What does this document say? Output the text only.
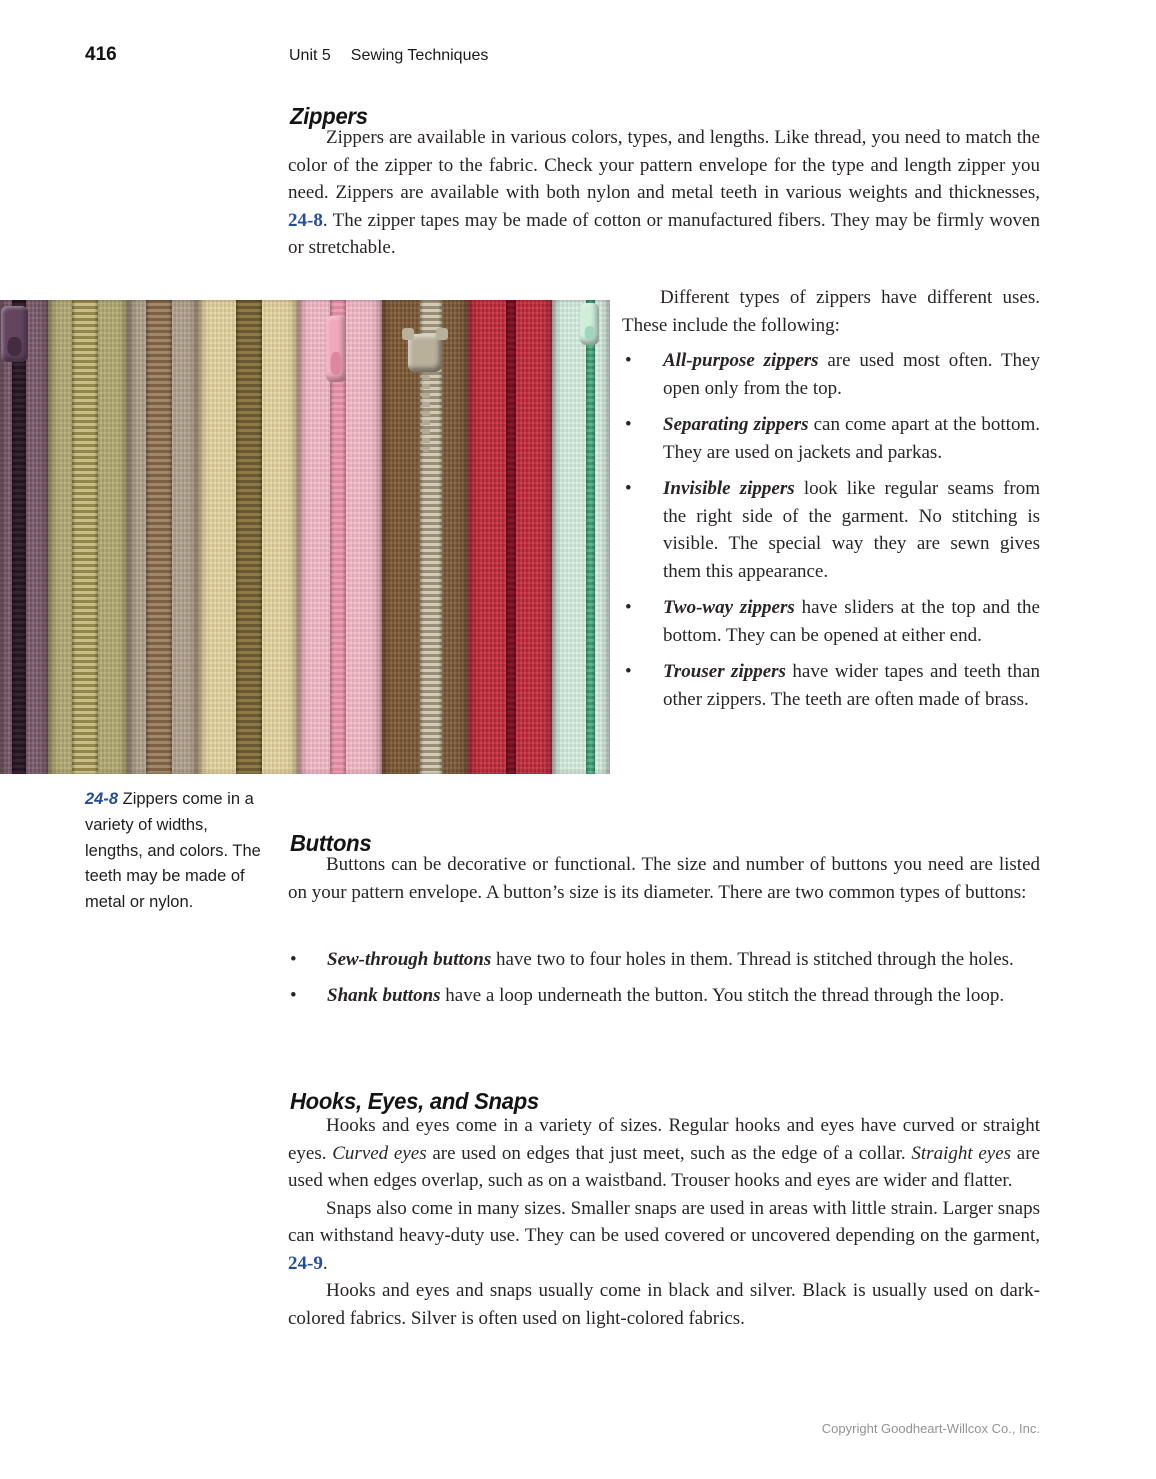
416	Unit 5 Sewing Techniques
Zippers

Zippers are available in various colors, types, and lengths. Like thread, you need to match the color of the zipper to the fabric. Check your pattern envelope for the type and length zipper you need. Zippers are available with both nylon and metal teeth in various weights and thicknesses, 24-8. The zipper tapes may be made of cotton or manufactured fibers. They may be firmly woven or stretchable.

Different types of zippers have different uses. These include the following:

• All-purpose zippers are used most often. They open only from the top.
• Separating zippers can come apart at the bottom. They are used on jackets and parkas.
• Invisible zippers look like regular seams from the right side of the garment. No stitching is visible. The special way they are sewn gives them this appearance.
• Two-way zippers have sliders at the top and the bottom. They can be opened at either end.
• Trouser zippers have wider tapes and teeth than other zippers. The teeth are often made of brass.
24-8 Zippers come in a variety of widths, lengths, and colors. The teeth may be made of metal or nylon.
Buttons

Buttons can be decorative or functional. The size and number of buttons you need are listed on your pattern envelope. A button’s size is its diameter. There are two common types of buttons:

• Sew-through buttons have two to four holes in them. Thread is stitched through the holes.
• Shank buttons have a loop underneath the button. You stitch the thread through the loop.
Hooks, Eyes, and Snaps

Hooks and eyes come in a variety of sizes. Regular hooks and eyes have curved or straight eyes. Curved eyes are used on edges that just meet, such as the edge of a collar. Straight eyes are used when edges overlap, such as on a waistband. Trouser hooks and eyes are wider and flatter.

Snaps also come in many sizes. Smaller snaps are used in areas with little strain. Larger snaps can withstand heavy-duty use. They can be used covered or uncovered depending on the garment, 24-9.

Hooks and eyes and snaps usually come in black and silver. Black is usually used on dark-colored fabrics. Silver is often used on light-colored fabrics.

Copyright Goodheart-Willcox Co., Inc.
